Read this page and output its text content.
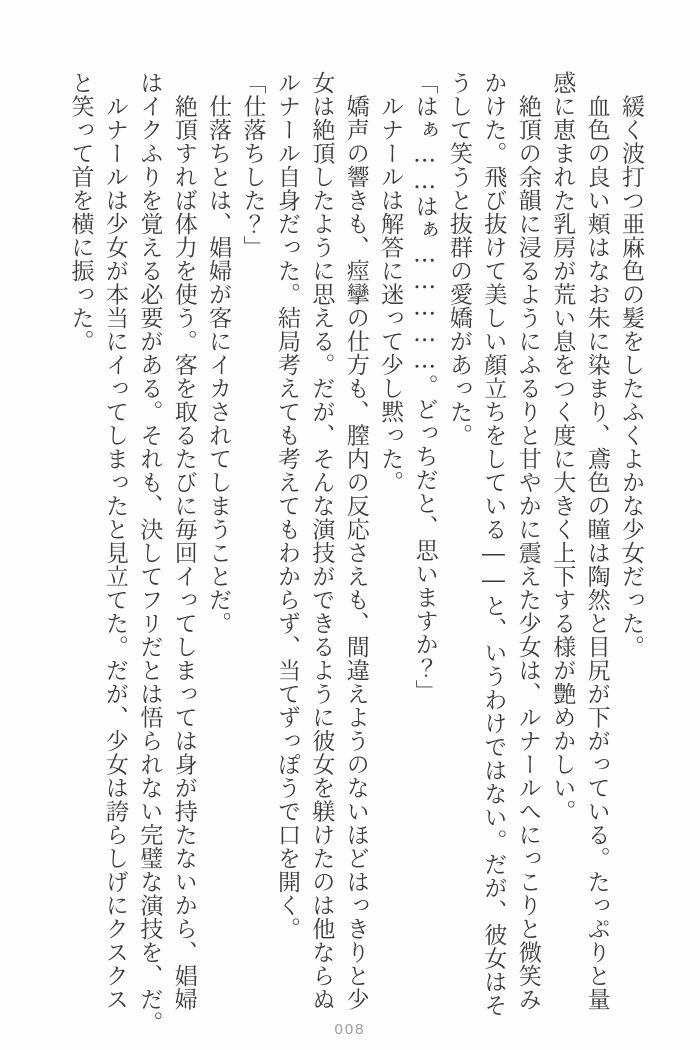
　緩く波打つ亜麻色の髪をしたふくよかな少女だった。

　血色の良い頬はなお朱に染まり、鳶色の瞳は陶然と目尻が下がっている。たっぷりと量

感に恵まれた乳房が荒い息をつく度に大きく上下する様が艶めかしい。

　絶頂の余韻に浸るようにふるりと甘やかに震えた少女は、ルナールへにっこりと微笑み

かけた。飛び抜けて美しい顔立ちをしている――と、いうわけではない。だが、彼女はそ

うして笑うと抜群の愛嬌があった。

「はぁ……はぁ……………。どっちだと、思いますか？」

　ルナールは解答に迷って少し黙った。

　嬌声の響きも、痙攣の仕方も、膣内の反応さえも、間違えようのないほどはっきりと少

女は絶頂したように思える。だが、そんな演技ができるように彼女を躾けたのは他ならぬ

ルナール自身だった。結局考えても考えてもわからず、当てずっぽうで口を開く。

「仕落ちした？」

　仕落ちとは、娼婦が客にイカされてしまうことだ。

　絶頂すれば体力を使う。客を取るたびに毎回イってしまっては身が持たないから、娼婦

はイクふりを覚える必要がある。それも、決してフリだとは悟られない完璧な演技を、だ。

　ルナールは少女が本当にイってしまったと見立てた。だが、少女は誇らしげにクスクス

と笑って首を横に振った。

008
